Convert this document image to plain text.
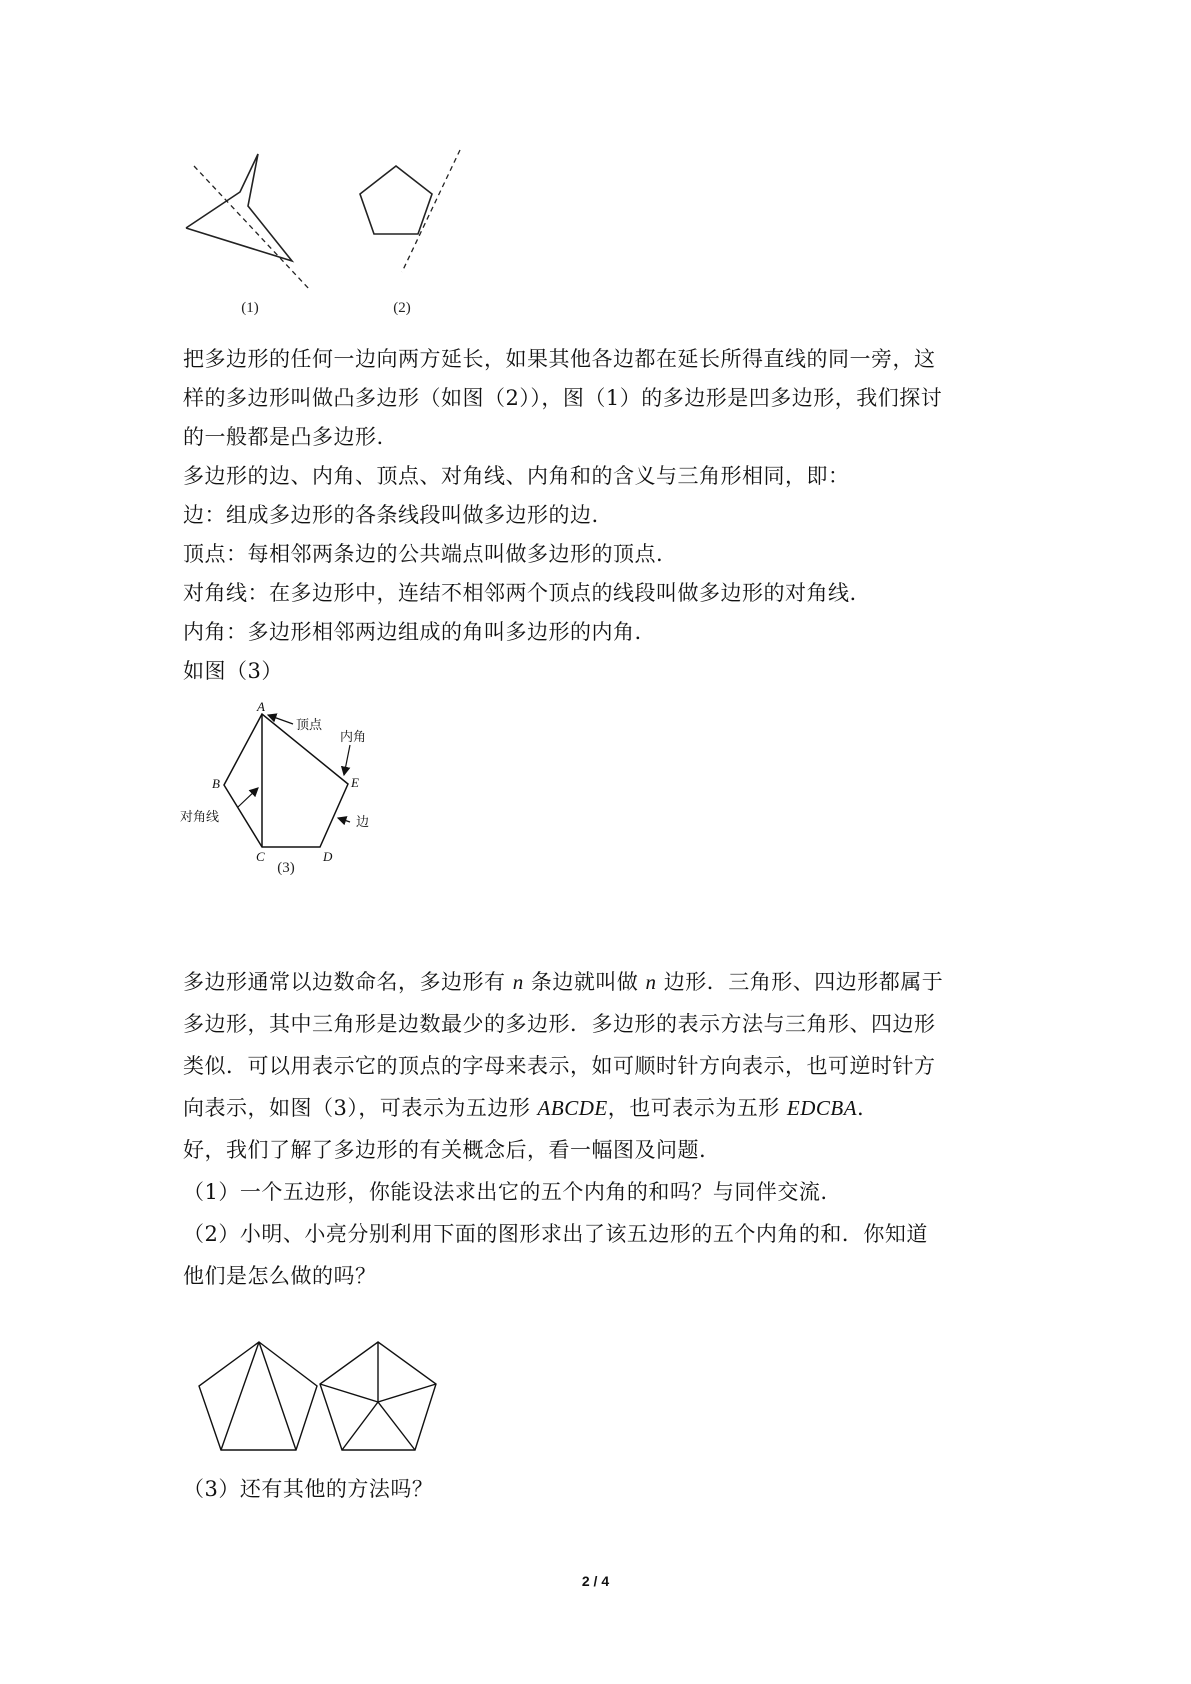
(1)	(2)
把多边形的任何一边向两方延长，如果其他各边都在延长所得直线的同一旁，这
样的多边形叫做凸多边形（如图（2）），图（1）的多边形是凹多边形，我们探讨
的一般都是凸多边形.
多边形的边、内角、顶点、对角线、内角和的含义与三角形相同，即：
边：组成多边形的各条线段叫做多边形的边.
顶点：每相邻两条边的公共端点叫做多边形的顶点.
对角线：在多边形中，连结不相邻两个顶点的线段叫做多边形的对角线.
内角：多边形相邻两边组成的角叫多边形的内角.
如图（3）
顶点
内角
对角线	边
A
B
C	D
E
(3)
多边形通常以边数命名，多边形有 n 条边就叫做 n 边形．三角形、四边形都属于
多边形，其中三角形是边数最少的多边形．多边形的表示方法与三角形、四边形
类似．可以用表示它的顶点的字母来表示，如可顺时针方向表示，也可逆时针方
向表示，如图（3），可表示为五边形 ABCDE，也可表示为五形 EDCBA.
好，我们了解了多边形的有关概念后，看一幅图及问题.
（1）一个五边形，你能设法求出它的五个内角的和吗？与同伴交流.
（2）小明、小亮分别利用下面的图形求出了该五边形的五个内角的和．你知道
他们是怎么做的吗？
（3）还有其他的方法吗？
2 / 4
